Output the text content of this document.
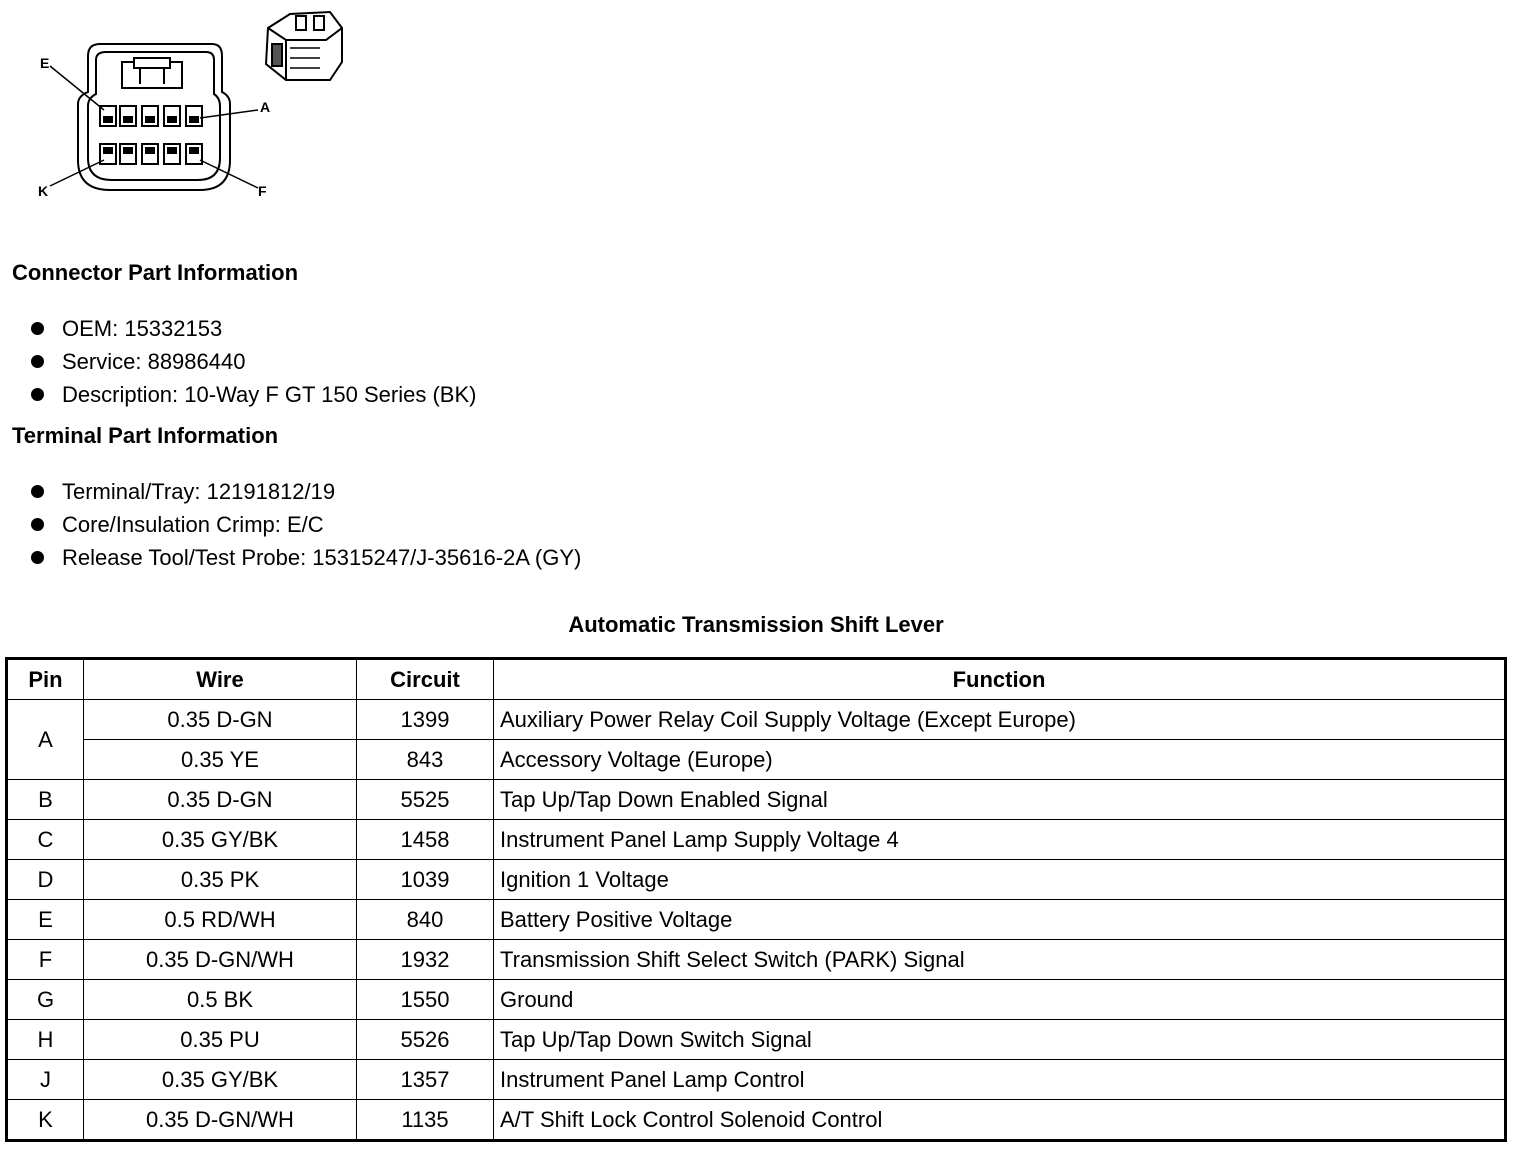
E
A
K	F
Connector Part Information
OEM: 15332153
Service: 88986440
Description: 10-Way F GT 150 Series (BK)
Terminal Part Information
Terminal/Tray: 12191812/19
Core/Insulation Crimp: E/C
Release Tool/Test Probe: 15315247/J-35616-2A (GY)
Automatic Transmission Shift Lever
Pin	Wire	Circuit	Function
A	0.35 D-GN	1399	Auxiliary Power Relay Coil Supply Voltage (Except Europe)
	0.35 YE	843	Accessory Voltage (Europe)
B	0.35 D-GN	5525	Tap Up/Tap Down Enabled Signal
C	0.35 GY/BK	1458	Instrument Panel Lamp Supply Voltage 4
D	0.35 PK	1039	Ignition 1 Voltage
E	0.5 RD/WH	840	Battery Positive Voltage
F	0.35 D-GN/WH	1932	Transmission Shift Select Switch (PARK) Signal
G	0.5 BK	1550	Ground
H	0.35 PU	5526	Tap Up/Tap Down Switch Signal
J	0.35 GY/BK	1357	Instrument Panel Lamp Control
K	0.35 D-GN/WH	1135	A/T Shift Lock Control Solenoid Control
